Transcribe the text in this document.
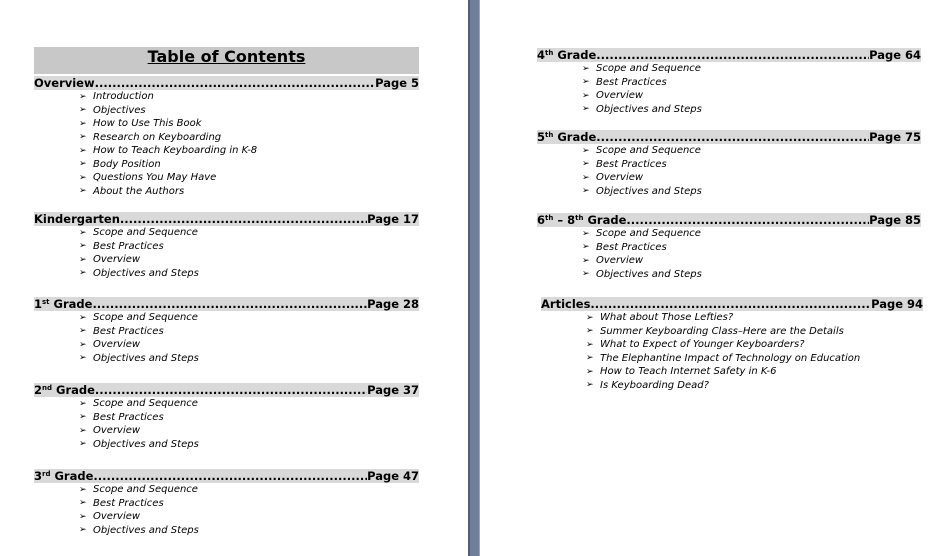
Table of Contents
Overview .....	Page 5
➢ Introduction
➢ Objectives
➢ How to Use This Book
➢ Research on Keyboarding
➢ How to Teach Keyboarding in K-8
➢ Body Position
➢ Questions You May Have
➢ About the Authors
Kindergarten .....	Page 17
➢ Scope and Sequence
➢ Best Practices
➢ Overview
➢ Objectives and Steps
1st Grade .....	Page 28
➢ Scope and Sequence
➢ Best Practices
➢ Overview
➢ Objectives and Steps
2nd Grade .....	Page 37
➢ Scope and Sequence
➢ Best Practices
➢ Overview
➢ Objectives and Steps
3rd Grade .....	Page 47
➢ Scope and Sequence
➢ Best Practices
➢ Overview
➢ Objectives and Steps
4th Grade .....	Page 64
➢ Scope and Sequence
➢ Best Practices
➢ Overview
➢ Objectives and Steps
5th Grade .....	Page 75
➢ Scope and Sequence
➢ Best Practices
➢ Overview
➢ Objectives and Steps
6th – 8th Grade .....	Page 85
➢ Scope and Sequence
➢ Best Practices
➢ Overview
➢ Objectives and Steps
Articles .....	Page 94
➢ What about Those Lefties?
➢ Summer Keyboarding Class–Here are the Details
➢ What to Expect of Younger Keyboarders?
➢ The Elephantine Impact of Technology on Education
➢ How to Teach Internet Safety in K-6
➢ Is Keyboarding Dead?
